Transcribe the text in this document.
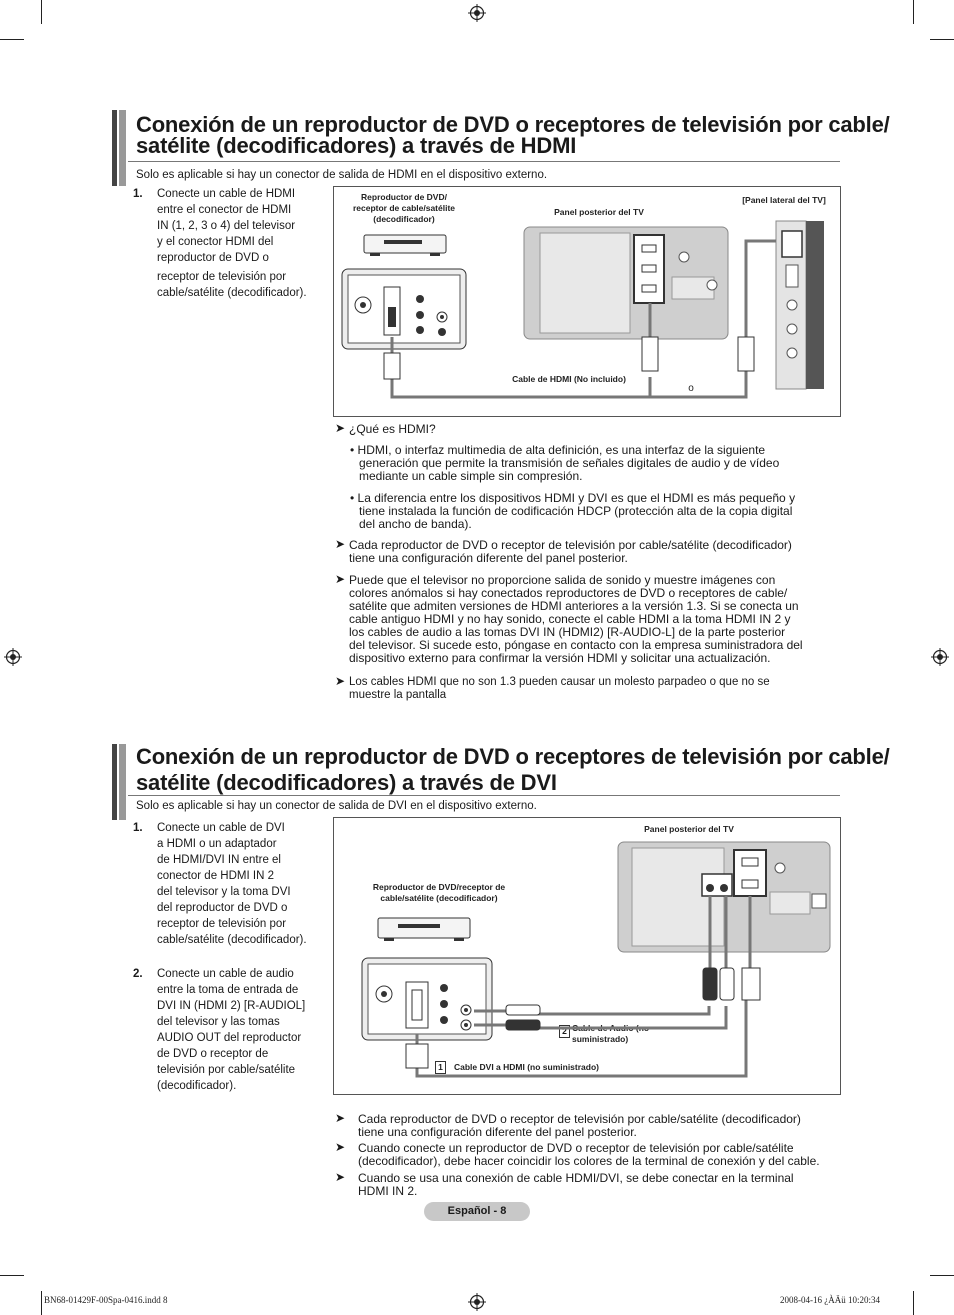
Conexión de un reproductor de DVD o receptores de televisión por cable/
satélite (decodificadores) a través de HDMI
Solo es aplicable si hay un conector de salida de HDMI en el dispositivo externo.
1. Conecte un cable de HDMI
entre el conector de HDMI
IN (1, 2, 3 o 4) del televisor
y el conector HDMI del
reproductor de DVD o
receptor de televisión por
cable/satélite (decodificador).
Reproductor de DVD/ receptor de cable/satélite (decodificador)
Panel posterior del TV
[Panel lateral del TV]
Cable de HDMI (No incluido)
o
➤ ¿Qué es HDMI?
• HDMI, o interfaz multimedia de alta definición, es una interfaz de la siguiente
generación que permite la transmisión de señales digitales de audio y de vídeo
mediante un cable simple sin compresión.
• La diferencia entre los dispositivos HDMI y DVI es que el HDMI es más pequeño y
tiene instalada la función de codificación HDCP (protección alta de la copia digital
del ancho de banda).
➤ Cada reproductor de DVD o receptor de televisión por cable/satélite (decodificador)
tiene una configuración diferente del panel posterior.
➤ Puede que el televisor no proporcione salida de sonido y muestre imágenes con
colores anómalos si hay conectados reproductores de DVD o receptores de cable/
satélite que admiten versiones de HDMI anteriores a la versión 1.3. Si se conecta un
cable antiguo HDMI y no hay sonido, conecte el cable HDMI a la toma HDMI IN 2 y
los cables de audio a las tomas DVI IN (HDMI2) [R-AUDIO-L] de la parte posterior
del televisor. Si sucede esto, póngase en contacto con la empresa suministradora del
dispositivo externo para confirmar la versión HDMI y solicitar una actualización.
➤ Los cables HDMI que no son 1.3 pueden causar un molesto parpadeo o que no se
muestre la pantalla
Conexión de un reproductor de DVD o receptores de televisión por cable/
satélite (decodificadores) a través de DVI
Solo es aplicable si hay un conector de salida de DVI en el dispositivo externo.
1. Conecte un cable de DVI
a HDMI o un adaptador
de HDMI/DVI IN entre el
conector de HDMI IN 2
del televisor y la toma DVI
del reproductor de DVD o
receptor de televisión por
cable/satélite (decodificador).
2. Conecte un cable de audio
entre la toma de entrada de
DVI IN (HDMI 2) [R-AUDIOL]
del televisor y las tomas
AUDIO OUT del reproductor
de DVD o receptor de
televisión por cable/satélite
(decodificador).
Panel posterior del TV
Reproductor de DVD/receptor de cable/satélite (decodificador)
2 Cable de Audio (no suministrado)
1	Cable DVI a HDMI (no suministrado)
➤ Cada reproductor de DVD o receptor de televisión por cable/satélite (decodificador)
tiene una configuración diferente del panel posterior.
➤ Cuando conecte un reproductor de DVD o receptor de televisión por cable/satélite
(decodificador), debe hacer coincidir los colores de la terminal de conexión y del cable.
➤ Cuando se usa una conexión de cable HDMI/DVI, se debe conectar en la terminal
HDMI IN 2.
Español - 8
BN68-01429F-00Spa-0416.indd 8	2008-04-16 ¿ÀÄü 10:20:34
